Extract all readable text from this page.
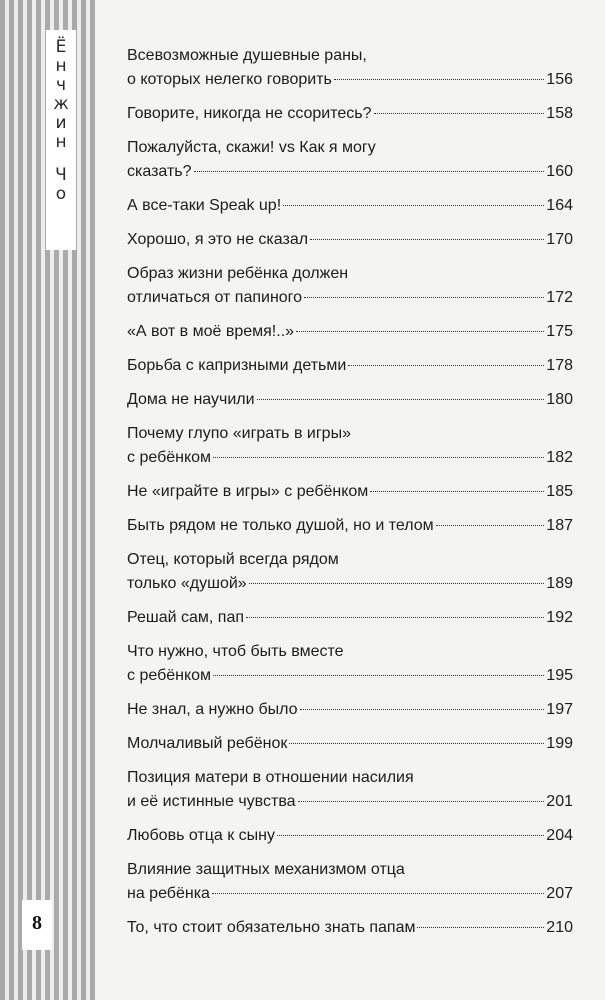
Ё
н
ч
ж
и
н
Ч
о
8
Всевозможные душевные раны,
о которых нелегко говорить	156
Говорите, никогда не ссоритесь?	158
Пожалуйста, скажи! vs Как я могу
сказать?	160
А все-таки Speak up!	164
Хорошо, я это не сказал	170
Образ жизни ребёнка должен
отличаться от папиного	172
«А вот в моё время!..»	175
Борьба с капризными детьми	178
Дома не научили	180
Почему глупо «играть в игры»
с ребёнком	182
Не «играйте в игры» с ребёнком	185
Быть рядом не только душой, но и телом	187
Отец, который всегда рядом
только «душой»	189
Решай сам, пап	192
Что нужно, чтоб быть вместе
с ребёнком	195
Не знал, а нужно было	197
Молчаливый ребёнок	199
Позиция матери в отношении насилия
и её истинные чувства	201
Любовь отца к сыну	204
Влияние защитных механизмом отца
на ребёнка	207
То, что стоит обязательно знать папам	210
